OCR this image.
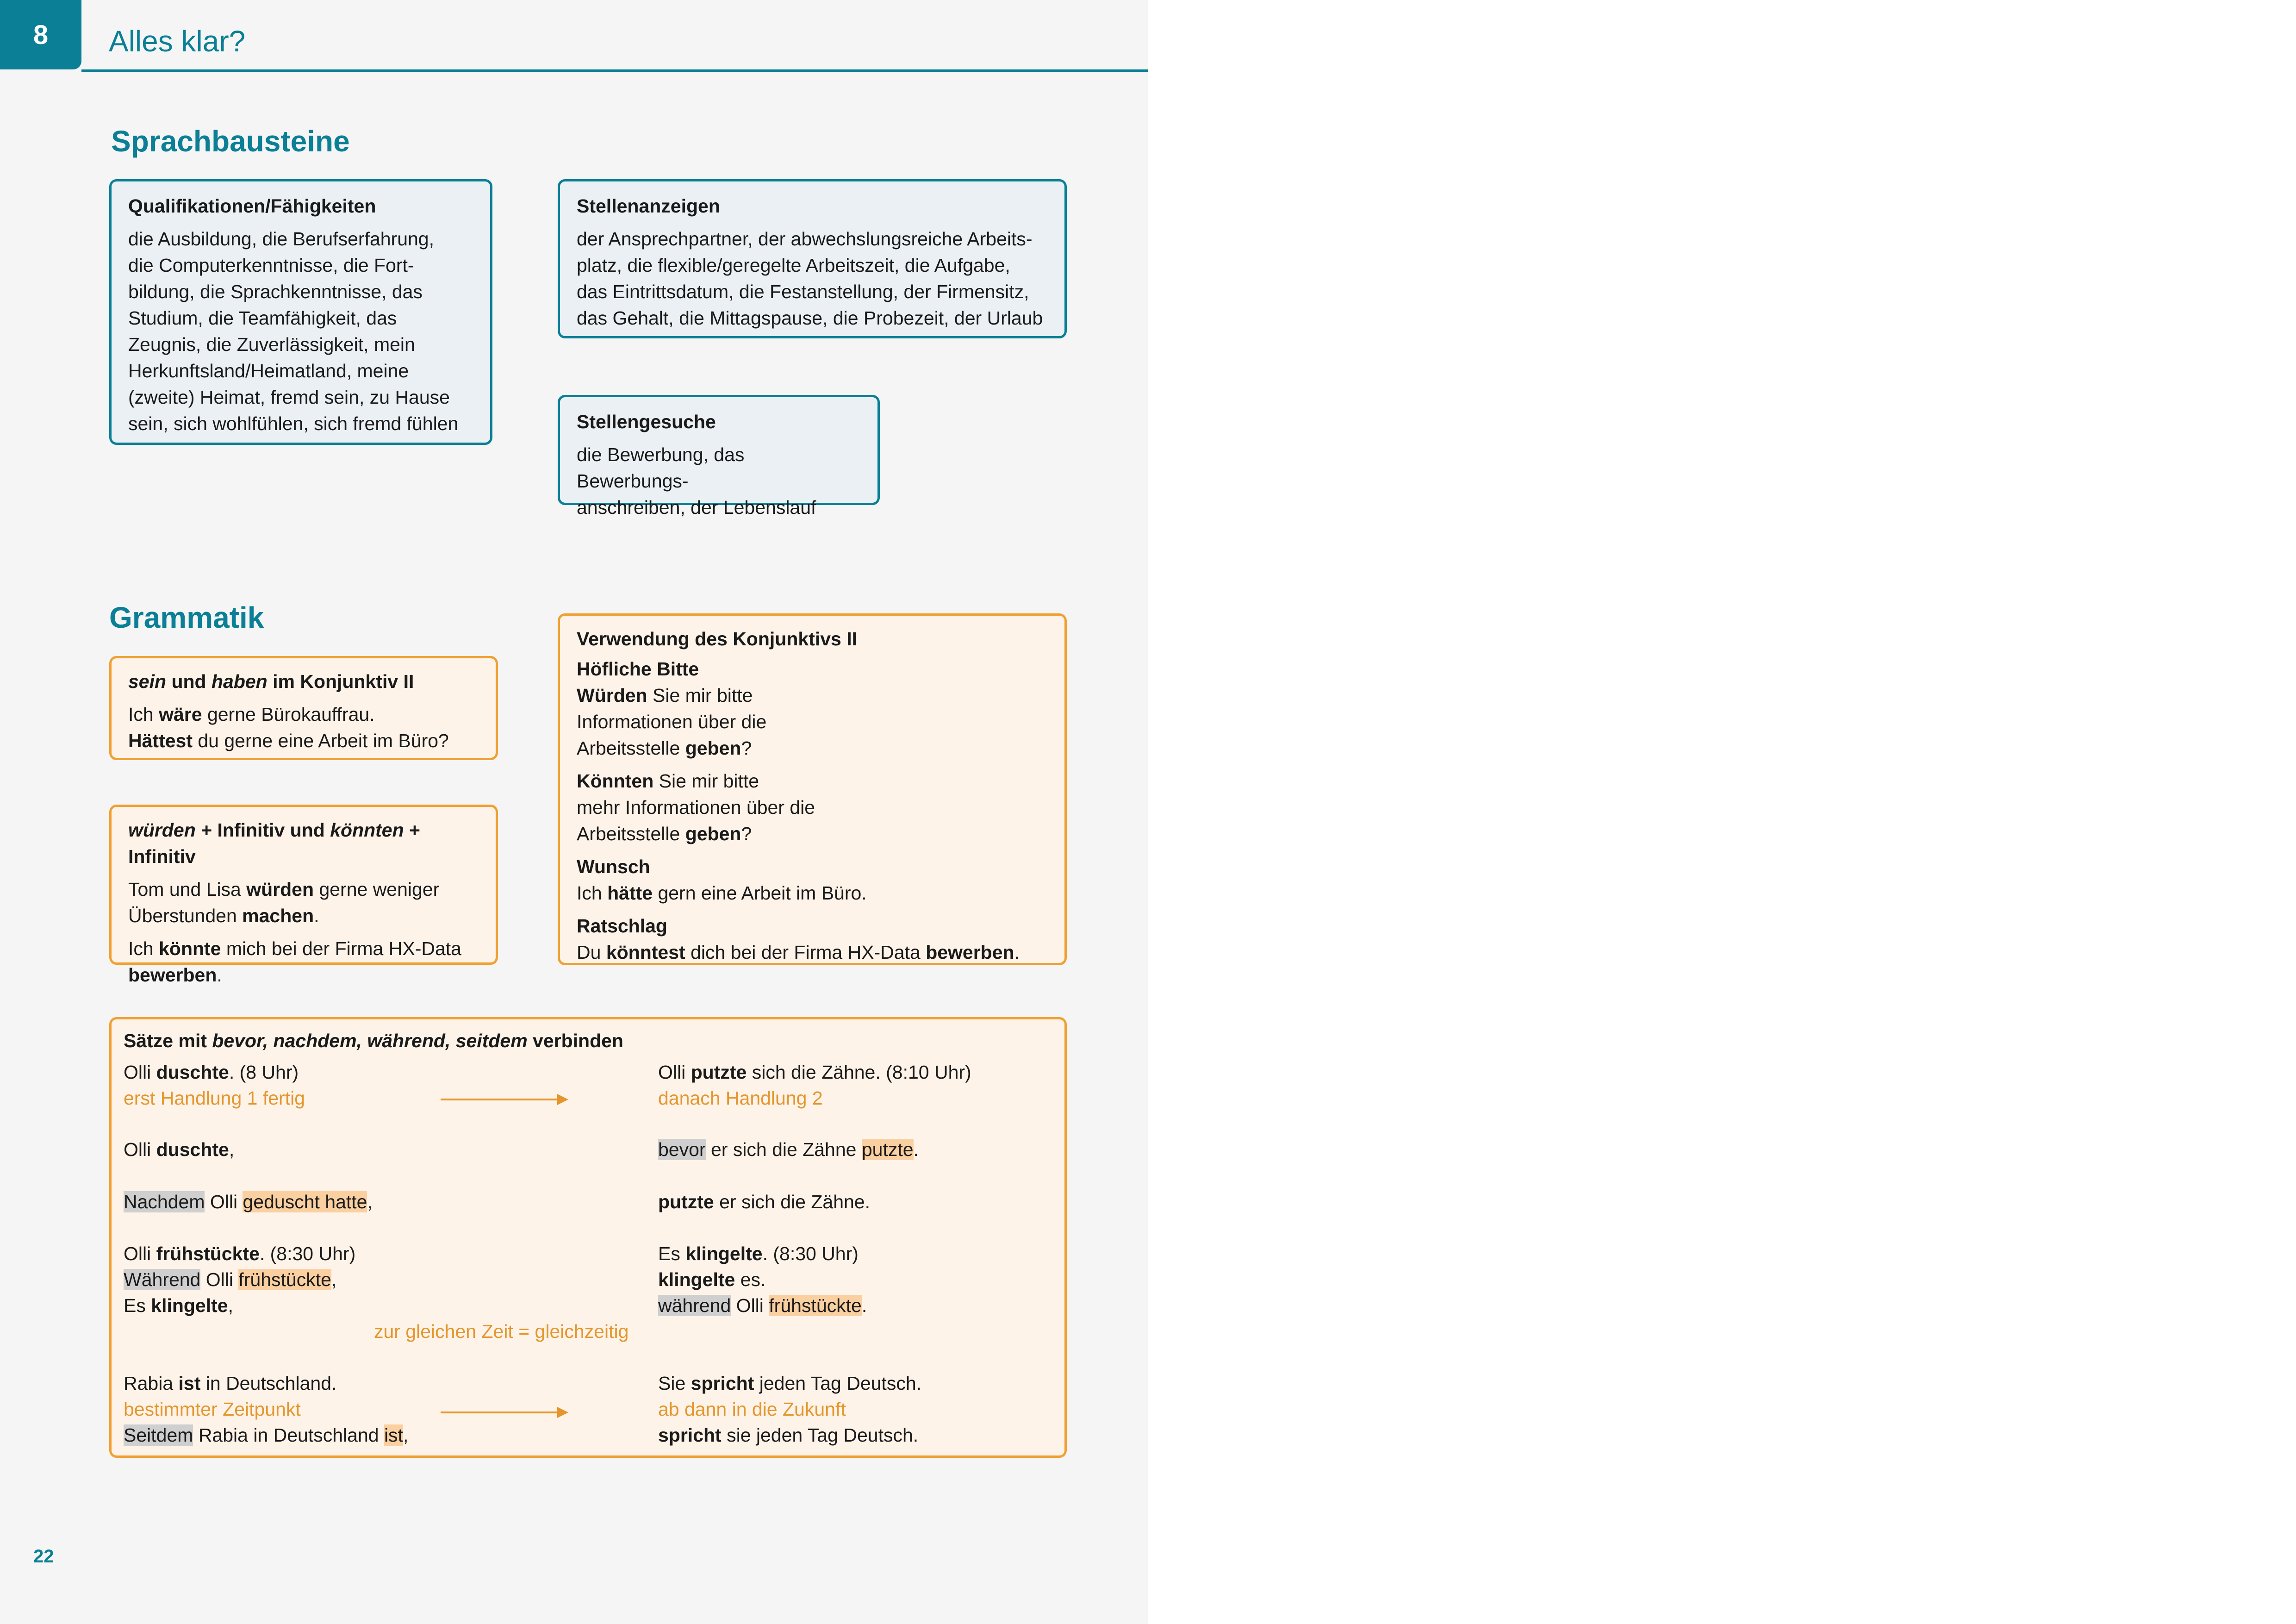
8 Alles klar?
Sprachbausteine
Qualifikationen/Fähigkeiten

die Ausbildung, die Berufserfahrung,

die Computerkenntnisse, die Fort-

bildung, die Sprachkenntnisse, das

Studium, die Teamfähigkeit, das

Zeugnis, die Zuverlässigkeit, mein

Herkunftsland/Heimatland, meine

(zweite) Heimat, fremd sein, zu Hause

sein, sich wohlfühlen, sich fremd fühlen

Stellenanzeigen

der Ansprechpartner, der abwechslungsreiche Arbeits-

platz, die flexible/geregelte Arbeitszeit, die Aufgabe,

das Eintrittsdatum, die Festanstellung, der Firmensitz,

das Gehalt, die Mittagspause, die Probezeit, der Urlaub

Stellengesuche

die Bewerbung, das Bewerbungs-

anschreiben, der Lebenslauf

Grammatik
sein und haben im Konjunktiv II

Ich wäre gerne Bürokauffrau.

Hättest du gerne eine Arbeit im Büro?

würden + Infinitiv und könnten + Infinitiv

Tom und Lisa würden gerne weniger

Überstunden machen.

Ich könnte mich bei der Firma HX-Data

bewerben.

Verwendung des Konjunktivs II

Höfliche Bitte

Würden Sie mir bitte

Informationen über die

Arbeitsstelle geben?

Könnten Sie mir bitte

mehr Informationen über die

Arbeitsstelle geben?

Wunsch

Ich hätte gern eine Arbeit im Büro.

Ratschlag

Du könntest dich bei der Firma HX-Data bewerben.

Sätze mit bevor, nachdem, während, seitdem verbinden
Olli duschte. (8 Uhr)	Olli putzte sich die Zähne. (8:10 Uhr)
erst Handlung 1 fertig	danach Handlung 2
Olli duschte,	bevor er sich die Zähne putzte.
Nachdem Olli geduscht hatte,	putzte er sich die Zähne.
Olli frühstückte. (8:30 Uhr)	Es klingelte. (8:30 Uhr)
Während Olli frühstückte,	klingelte es.
Es klingelte,	während Olli frühstückte.
zur gleichen Zeit = gleichzeitig
Rabia ist in Deutschland.	Sie spricht jeden Tag Deutsch.
bestimmter Zeitpunkt	ab dann in die Zukunft
Seitdem Rabia in Deutschland ist,	spricht sie jeden Tag Deutsch.
22
